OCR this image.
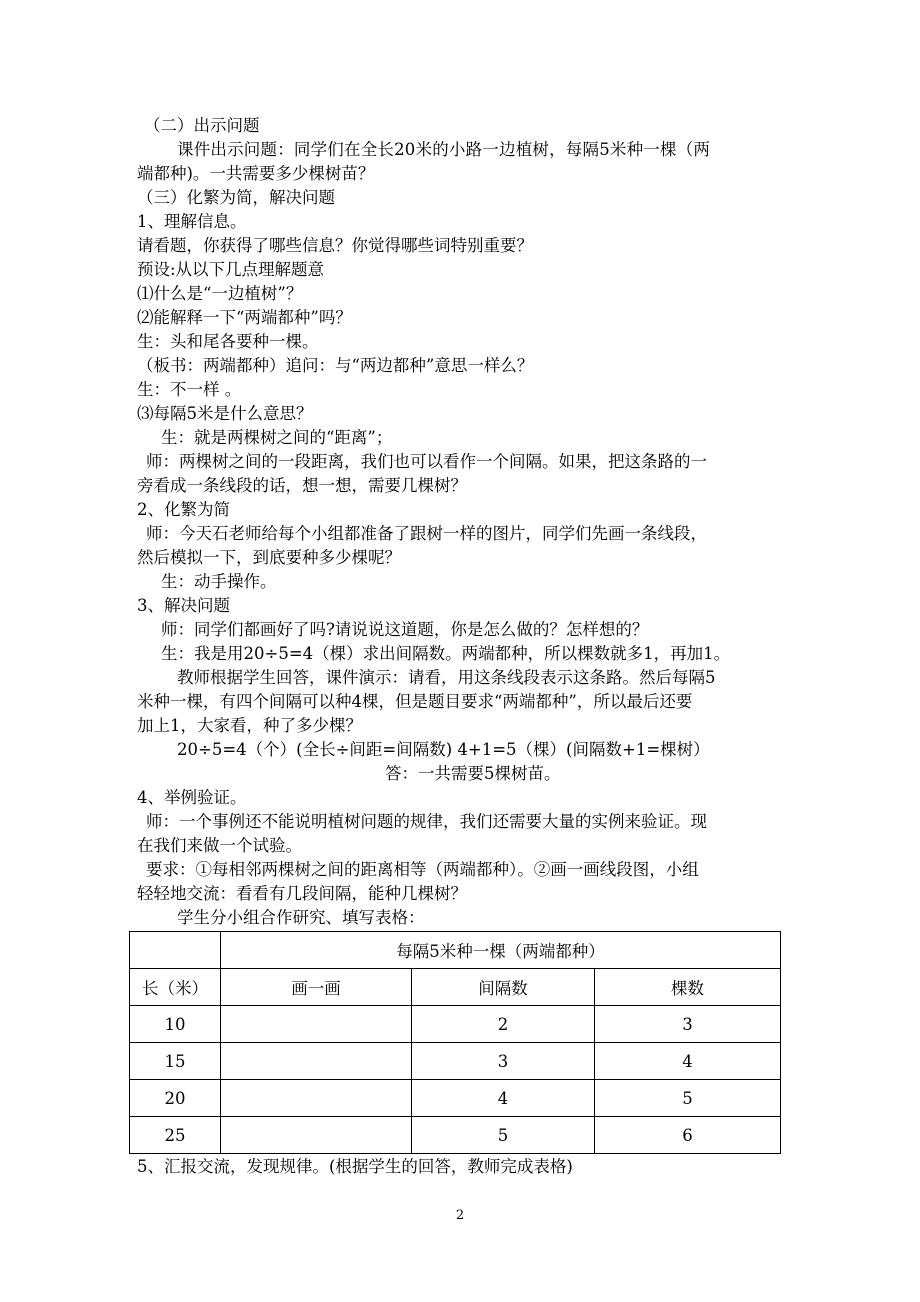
（二）出示问题
课件出示问题：同学们在全长20米的小路一边植树，每隔5米种一棵（两
端都种)。一共需要多少棵树苗？
（三）化繁为简，解决问题
1、理解信息。
请看题，你获得了哪些信息？你觉得哪些词特别重要？
预设:从以下几点理解题意
⑴什么是“一边植树”？
⑵能解释一下“两端都种”吗？
生：头和尾各要种一棵。
（板书：两端都种）追问：与“两边都种”意思一样么？
生：不一样 。
⑶每隔5米是什么意思？
生：就是两棵树之间的“距离”；
师：两棵树之间的一段距离，我们也可以看作一个间隔。如果，把这条路的一
旁看成一条线段的话，想一想，需要几棵树？
2、化繁为简
师：今天石老师给每个小组都准备了跟树一样的图片，同学们先画一条线段，
然后模拟一下，到底要种多少棵呢？
生：动手操作。
3、解决问题
师：同学们都画好了吗?请说说这道题，你是怎么做的？怎样想的？
生：我是用20÷5=4（棵）求出间隔数。两端都种，所以棵数就多1，再加1。
教师根据学生回答，课件演示：请看，用这条线段表示这条路。然后每隔5
米种一棵，有四个间隔可以种4棵，但是题目要求“两端都种”，所以最后还要
加上1，大家看，种了多少棵？
20÷5=4（个）(全长÷间距=间隔数) 4+1=5（棵）(间隔数+1=棵树）
答：一共需要5棵树苗。
4、举例验证。
师：一个事例还不能说明植树问题的规律，我们还需要大量的实例来验证。现
在我们来做一个试验。
要求：①每相邻两棵树之间的距离相等（两端都种）。②画一画线段图，小组
轻轻地交流：看看有几段间隔，能种几棵树？
学生分小组合作研究、填写表格：
	每隔5米种一棵（两端都种）		
长（米）	画一画	间隔数	棵数
10		2	3
15		3	4
20		4	5
25		5	6
5、汇报交流，发现规律。(根据学生的回答，教师完成表格)
2
